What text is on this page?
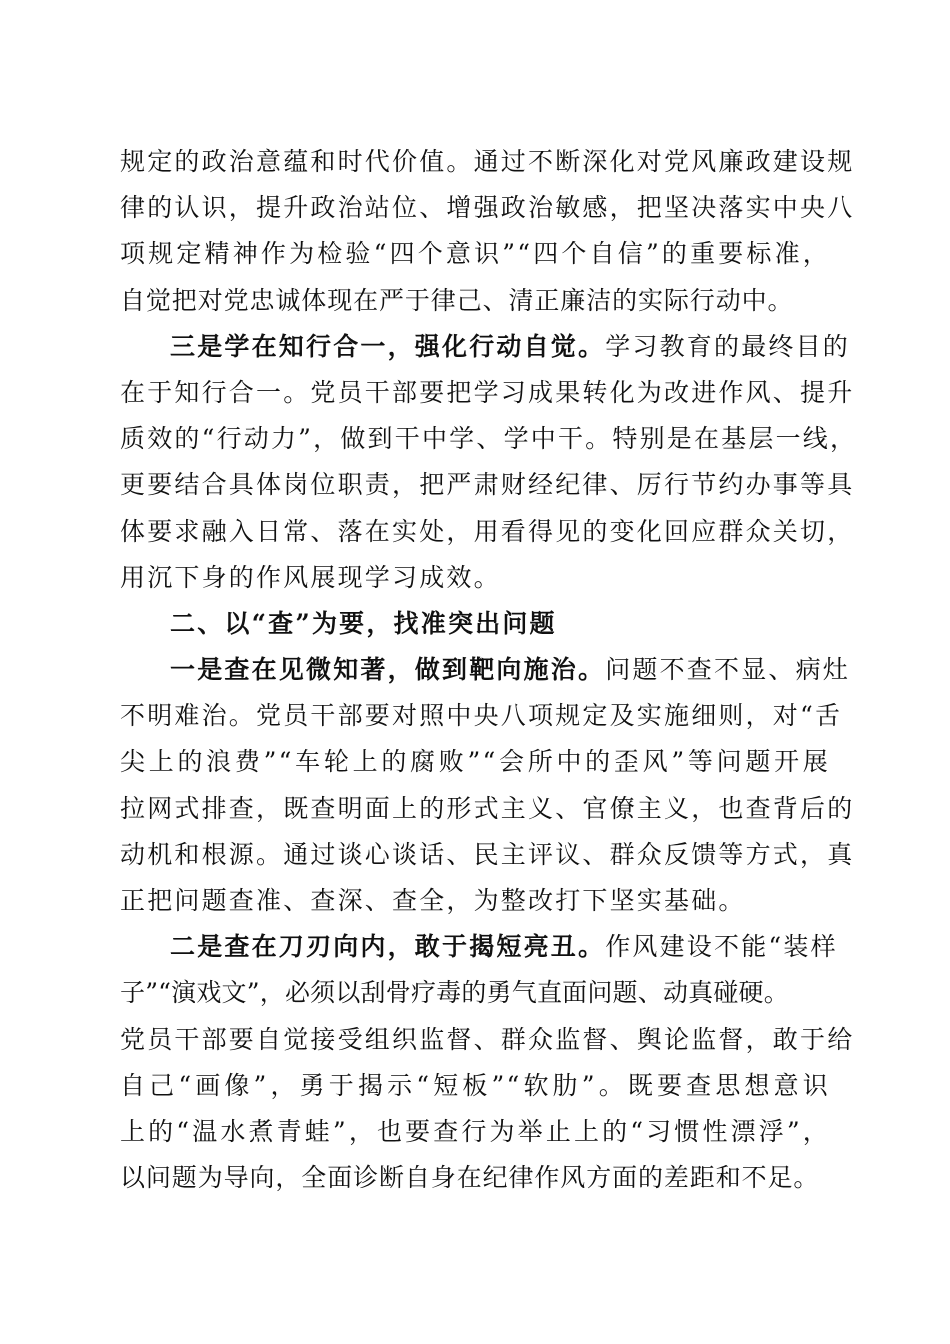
规定的政治意蕴和时代价值。通过不断深化对党风廉政建设规
律的认识，提升政治站位、增强政治敏感，把坚决落实中央八
项规定精神作为检验“四个意识”“四个自信”的重要标准，
自觉把对党忠诚体现在严于律己、清正廉洁的实际行动中。
三是学在知行合一，强化行动自觉。学习教育的最终目的
在于知行合一。党员干部要把学习成果转化为改进作风、提升
质效的“行动力”，做到干中学、学中干。特别是在基层一线，
更要结合具体岗位职责，把严肃财经纪律、厉行节约办事等具
体要求融入日常、落在实处，用看得见的变化回应群众关切，
用沉下身的作风展现学习成效。
二、以“查”为要，找准突出问题
一是查在见微知著，做到靶向施治。问题不查不显、病灶
不明难治。党员干部要对照中央八项规定及实施细则，对“舌
尖上的浪费”“车轮上的腐败”“会所中的歪风”等问题开展
拉网式排查，既查明面上的形式主义、官僚主义，也查背后的
动机和根源。通过谈心谈话、民主评议、群众反馈等方式，真
正把问题查准、查深、查全，为整改打下坚实基础。
二是查在刀刃向内，敢于揭短亮丑。作风建设不能“装样
子”“演戏文”，必须以刮骨疗毒的勇气直面问题、动真碰硬。
党员干部要自觉接受组织监督、群众监督、舆论监督，敢于给
自己“画像”，勇于揭示“短板”“软肋”。既要查思想意识
上的“温水煮青蛙”，也要查行为举止上的“习惯性漂浮”，
以问题为导向，全面诊断自身在纪律作风方面的差距和不足。
